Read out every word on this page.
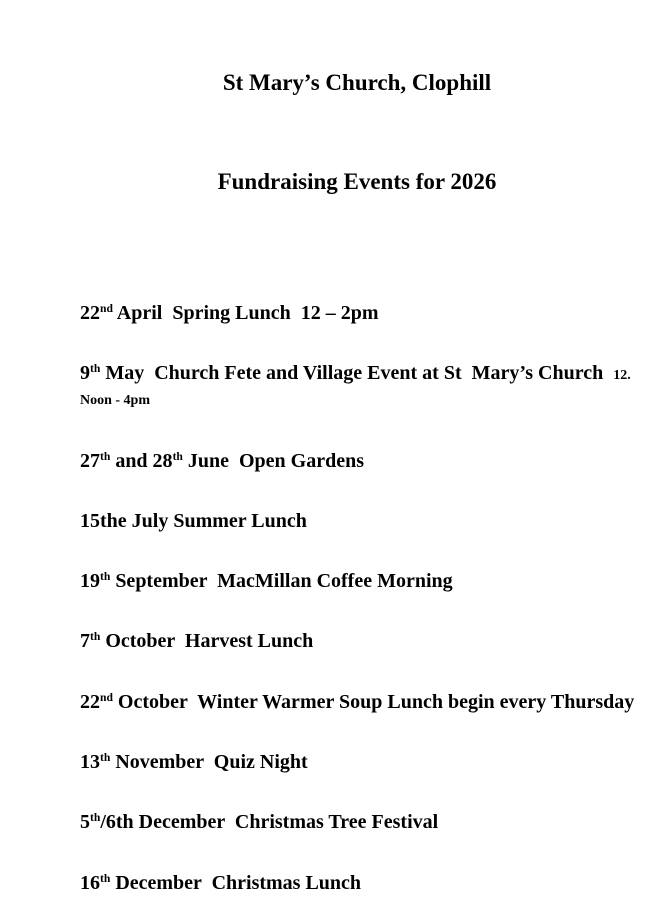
St Mary’s Church, Clophill

Fundraising Events for 2026

22nd April  Spring Lunch  12 – 2pm
9th May  Church Fete and Village Event at St  Mary’s Church  12. Noon - 4pm
27th and 28th June  Open Gardens
15the July Summer Lunch
19th September  MacMillan Coffee Morning
7th October  Harvest Lunch
22nd October  Winter Warmer Soup Lunch begin every Thursday
13th November  Quiz Night
5th/6th December  Christmas Tree Festival
16th December  Christmas Lunch
